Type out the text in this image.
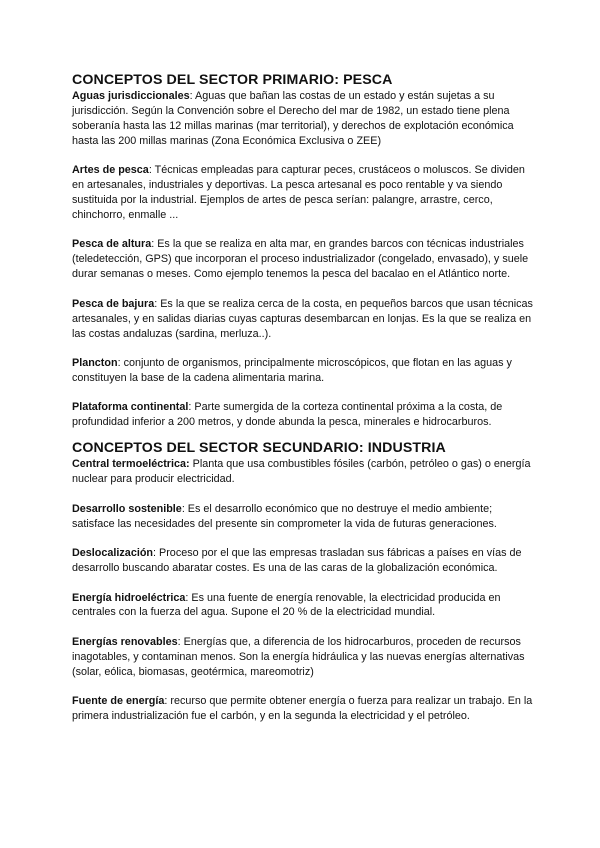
CONCEPTOS DEL SECTOR PRIMARIO: PESCA

Aguas jurisdiccionales: Aguas que bañan las costas de un estado y están sujetas a su jurisdicción. Según la Convención sobre el Derecho del mar de 1982, un estado tiene plena soberanía hasta las 12 millas marinas (mar territorial), y derechos de explotación económica hasta las 200 millas marinas (Zona Económica Exclusiva o ZEE)

Artes de pesca: Técnicas empleadas para capturar peces, crustáceos o moluscos. Se dividen en artesanales, industriales y deportivas. La pesca artesanal es poco rentable y va siendo sustituida por la industrial. Ejemplos de artes de pesca serían: palangre, arrastre, cerco, chinchorro, enmalle ...

Pesca de altura: Es la que se realiza en alta mar, en grandes barcos con técnicas industriales (teledetección, GPS) que incorporan el proceso industrializador (congelado, envasado), y suele durar semanas o meses. Como ejemplo tenemos la pesca del bacalao en el Atlántico norte.

Pesca de bajura: Es la que se realiza cerca de la costa, en pequeños barcos que usan técnicas artesanales, y en salidas diarias cuyas capturas desembarcan en lonjas. Es la que se realiza en las costas andaluzas (sardina, merluza..).

Plancton: conjunto de organismos, principalmente microscópicos, que flotan en las aguas y constituyen la base de la cadena alimentaria marina.

Plataforma continental: Parte sumergida de la corteza continental próxima a la costa, de profundidad inferior a 200 metros, y donde abunda la pesca, minerales e hidrocarburos.

CONCEPTOS DEL SECTOR SECUNDARIO: INDUSTRIA

Central termoeléctrica: Planta que usa combustibles fósiles (carbón, petróleo o gas) o energía nuclear para producir electricidad.

Desarrollo sostenible: Es el desarrollo económico que no destruye el medio ambiente; satisface las necesidades del presente sin comprometer la vida de futuras generaciones.

Deslocalización: Proceso por el que las empresas trasladan sus fábricas a países en vías de desarrollo buscando abaratar costes. Es una de las caras de la globalización económica.

Energía hidroeléctrica: Es una fuente de energía renovable, la electricidad producida en centrales con la fuerza del agua. Supone el 20 % de la electricidad mundial.

Energías renovables: Energías que, a diferencia de los hidrocarburos, proceden de recursos inagotables, y contaminan menos. Son la energía hidráulica y las nuevas energías alternativas (solar, eólica, biomasas, geotérmica, mareomotriz)

Fuente de energía: recurso que permite obtener energía o fuerza para realizar un trabajo. En la primera industrialización fue el carbón, y en la segunda la electricidad y el petróleo.
